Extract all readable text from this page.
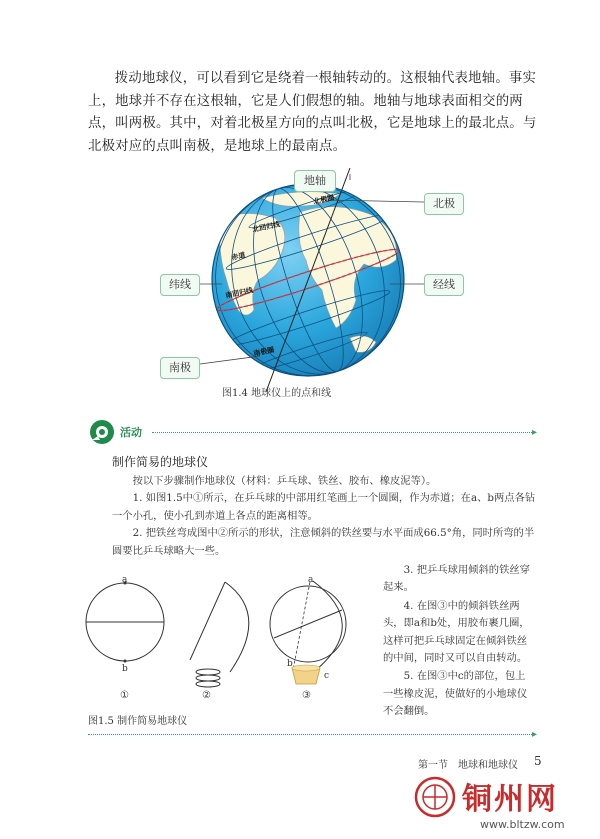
拨动地球仪，可以看到它是绕着一根轴转动的。这根轴代表地轴。事实上，地球并不存在这根轴，它是人们假想的轴。地轴与地球表面相交的两点，叫两极。其中，对着北极星方向的点叫北极，它是地球上的最北点。与北极对应的点叫南极，是地球上的最南点。

北极圈
北回归线
赤道
南回归线
南极圈
地轴
北极
纬线	经线
南极
图1.4 地球仪上的点和线
活动	▸
制作简易的地球仪

按以下步骤制作地球仪（材料：乒乓球、铁丝、胶布、橡皮泥等）。

1. 如图1.5中①所示，在乒乓球的中部用红笔画上一个圆圈，作为赤道；在a、b两点各钻一个小孔，使小孔到赤道上各点的距离相等。

2. 把铁丝弯成图中②所示的形状，注意倾斜的铁丝要与水平面成66.5°角，同时所弯的半圆要比乒乓球略大一些。

a
b
a
b
c
①	②	③
图1.5 制作简易地球仪

3. 把乒乓球用倾斜的铁丝穿起来。

4. 在图③中的倾斜铁丝两头，即a和b处，用胶布裹几圈，这样可把乒乓球固定在倾斜铁丝的中间，同时又可以自由转动。

5. 在图③中c的部位，包上一些橡皮泥，使做好的小地球仪不会翻倒。

▸
第一节　地球和地球仪 5
铜州网
www.bltzw.com
